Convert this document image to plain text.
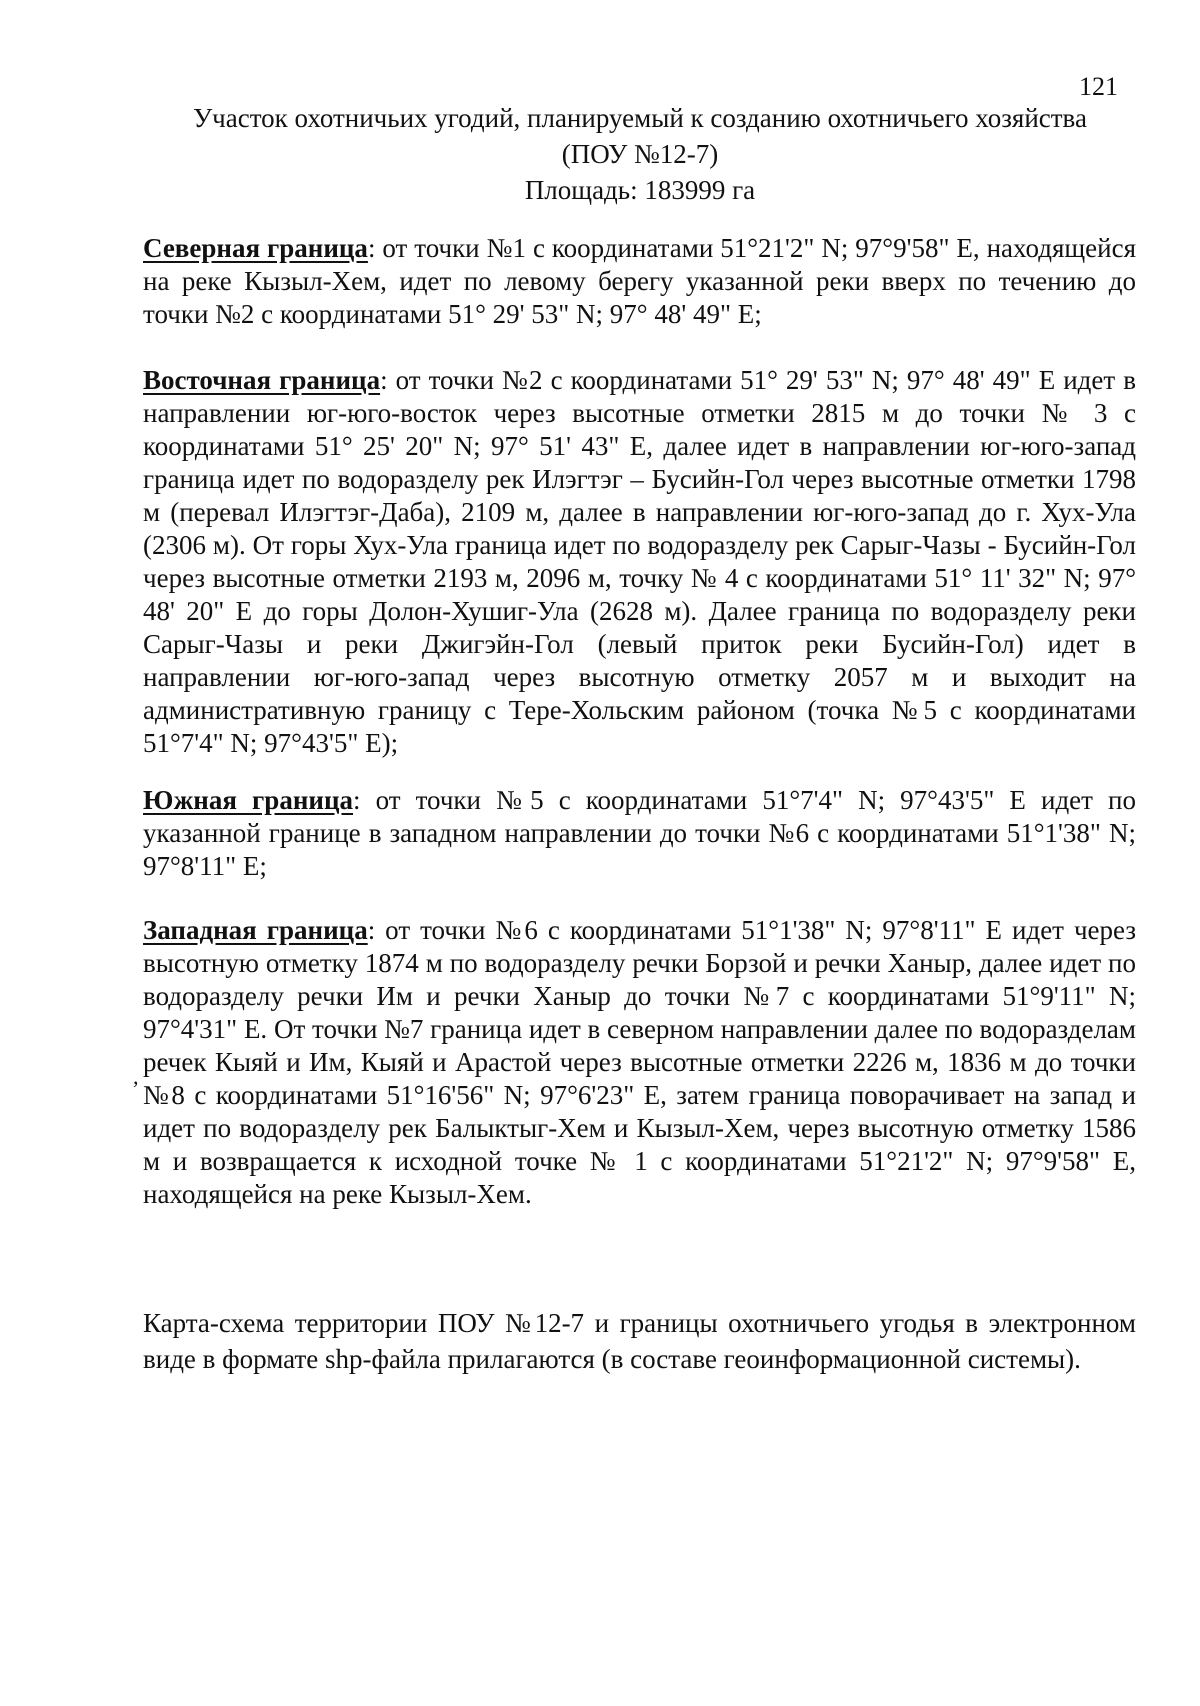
121
Участок охотничьих угодий, планируемый к созданию охотничьего хозяйства
(ПОУ №12-7)
Площадь: 183999 га
Северная граница: от точки №1 с координатами 51°21'2" N; 97°9'58" E, находящейся на реке Кызыл-Хем, идет по левому берегу указанной реки вверх по течению до точки №2 с координатами 51° 29' 53" N; 97° 48' 49" E;
Восточная граница: от точки №2 с координатами 51° 29' 53" N; 97° 48' 49" E идет в направлении юг-юго-восток через высотные отметки 2815 м до точки № 3 с координатами 51° 25' 20" N; 97° 51' 43" E, далее идет в направлении юг-юго-запад граница идет по водоразделу рек Илэгтэг – Бусийн-Гол через высотные отметки 1798 м (перевал Илэгтэг-Даба), 2109 м, далее в направлении юг-юго-запад до г. Хух-Ула (2306 м). От горы Хух-Ула граница идет по водоразделу рек Сарыг-Чазы - Бусийн-Гол через высотные отметки 2193 м, 2096 м, точку № 4 с координатами 51° 11' 32" N; 97° 48' 20" E до горы Долон-Хушиг-Ула (2628 м). Далее граница по водоразделу реки Сарыг-Чазы и реки Джигэйн-Гол (левый приток реки Бусийн-Гол) идет в направлении юг-юго-запад через высотную отметку 2057 м и выходит на административную границу с Тере-Хольским районом (точка №5 с координатами 51°7'4" N; 97°43'5" E);
Южная граница: от точки №5 с координатами 51°7'4" N; 97°43'5" E идет по указанной границе в западном направлении до точки №6 с координатами 51°1'38" N; 97°8'11" E;
Западная граница: от точки №6 с координатами 51°1'38" N; 97°8'11" E идет через высотную отметку 1874 м по водоразделу речки Борзой и речки Ханыр, далее идет по водоразделу речки Им и речки Ханыр до точки №7 с координатами 51°9'11" N; 97°4'31" E. От точки №7 граница идет в северном направлении далее по водоразделам речек Кыяй и Им, Кыяй и Арастой через высотные отметки 2226 м, 1836 м до точки №8 с координатами 51°16'56" N; 97°6'23" E, затем граница поворачивает на запад и идет по водоразделу рек Балыктыг-Хем и Кызыл-Хем, через высотную отметку 1586 м и возвращается к исходной точке № 1 с координатами 51°21'2" N; 97°9'58" E, находящейся на реке Кызыл-Хем.
,
Карта-схема территории ПОУ №12-7 и границы охотничьего угодья в электронном виде в формате shp-файла прилагаются (в составе геоинформационной системы).
